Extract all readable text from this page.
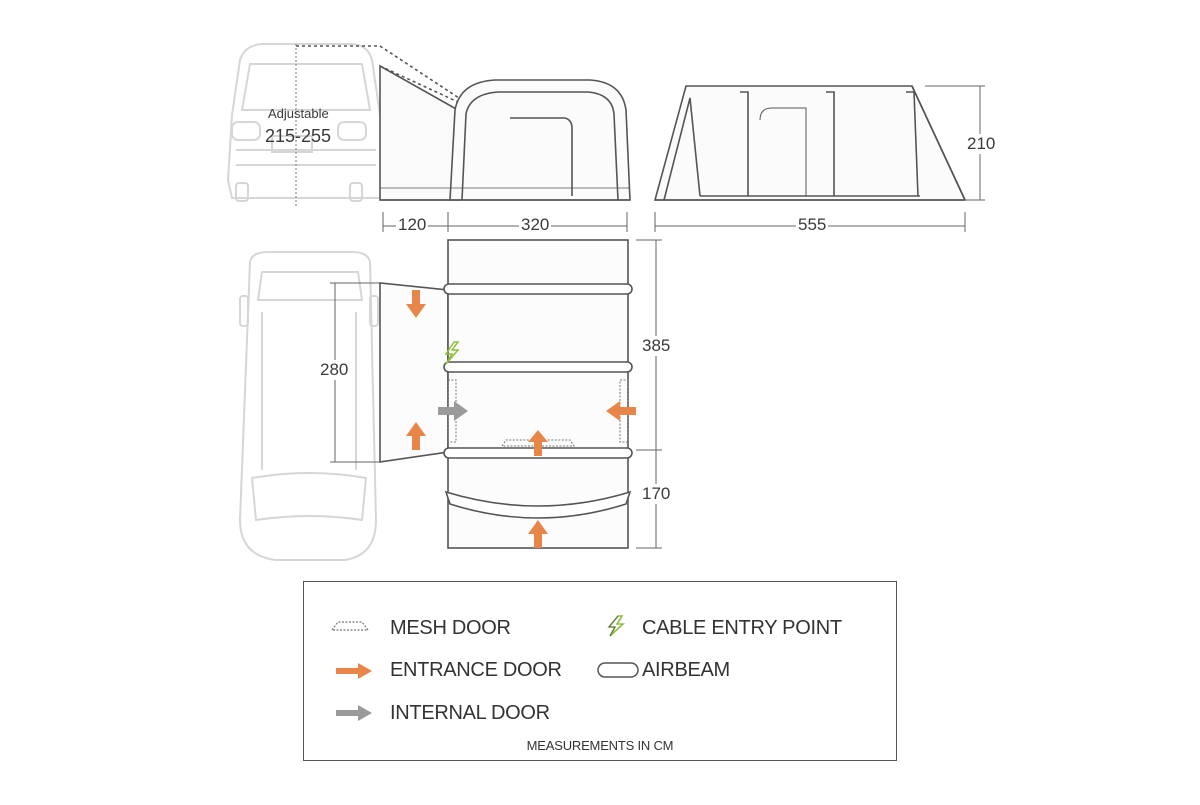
Adjustable
215-255
120	320	555
210
280
385
170
MESH DOOR
ENTRANCE DOOR
INTERNAL DOOR
CABLE ENTRY POINT
AIRBEAM
MEASUREMENTS IN CM
